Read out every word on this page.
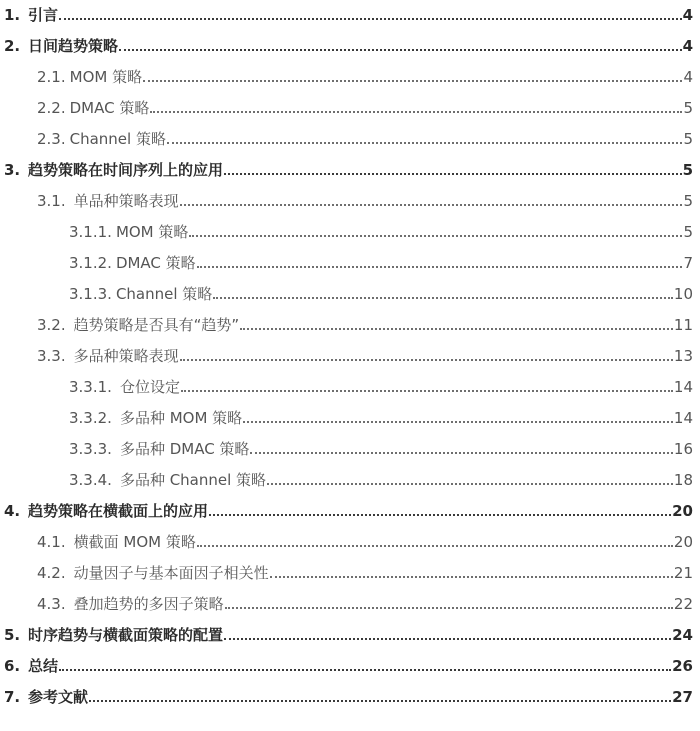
1. 引言	4
2. 日间趋势策略	4
2.1. MOM 策略	4
2.2. DMAC 策略	5
2.3. Channel 策略	5
3. 趋势策略在时间序列上的应用	5
3.1. 单品种策略表现	5
3.1.1. MOM 策略	5
3.1.2. DMAC 策略	7
3.1.3. Channel 策略	10
3.2. 趋势策略是否具有“趋势”	11
3.3. 多品种策略表现	13
3.3.1. 仓位设定	14
3.3.2. 多品种 MOM 策略	14
3.3.3. 多品种 DMAC 策略	16
3.3.4. 多品种 Channel 策略	18
4. 趋势策略在横截面上的应用	20
4.1. 横截面 MOM 策略	20
4.2. 动量因子与基本面因子相关性	21
4.3. 叠加趋势的多因子策略	22
5. 时序趋势与横截面策略的配置	24
6. 总结	26
7. 参考文献	27
